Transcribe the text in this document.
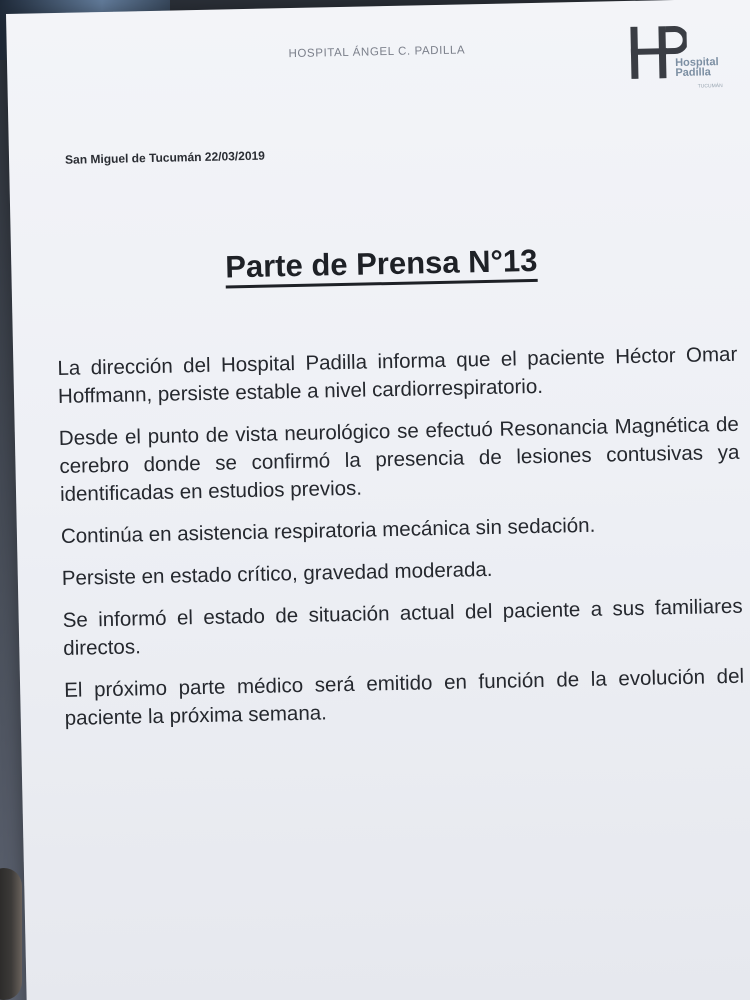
HOSPITAL ÁNGEL C. PADILLA
Hospital
Padilla
TUCUMÁN
San Miguel de Tucumán 22/03/2019
Parte de Prensa N°13

La dirección del Hospital Padilla informa que el paciente Héctor Omar Hoffmann, persiste estable a nivel cardiorrespiratorio.

Desde el punto de vista neurológico se efectuó Resonancia Magnética de cerebro donde se confirmó la presencia de lesiones contusivas ya identificadas en estudios previos.

Continúa en asistencia respiratoria mecánica sin sedación.

Persiste en estado crítico, gravedad moderada.

Se informó el estado de situación actual del paciente a sus familiares directos.

El próximo parte médico será emitido en función de la evolución del paciente la próxima semana.
